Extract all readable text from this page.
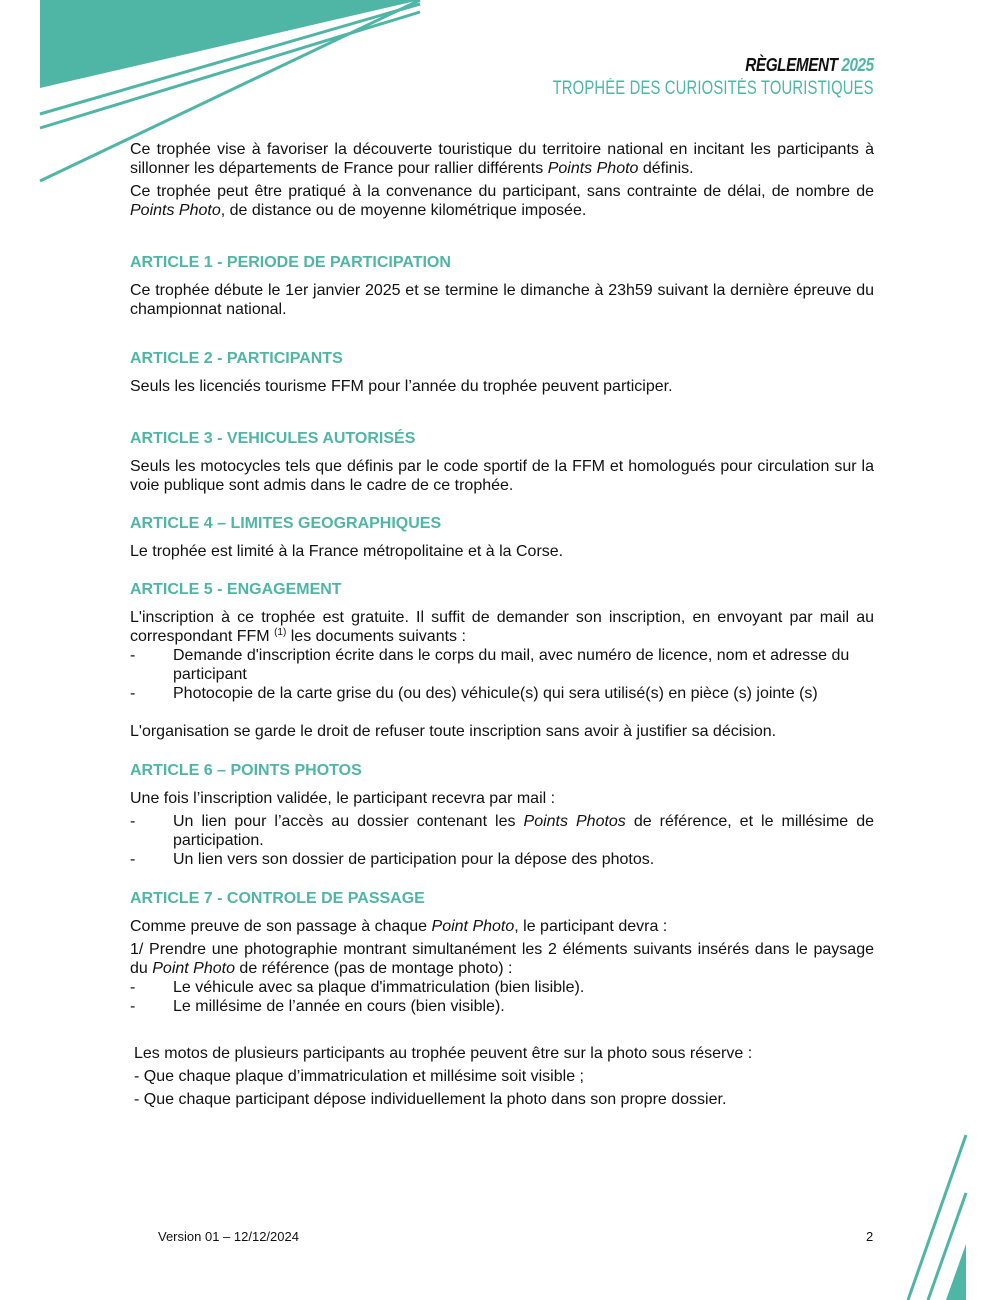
RÈGLEMENT 2025
TROPHÉE DES CURIOSITÉS TOURISTIQUES

Ce trophée vise à favoriser la découverte touristique du territoire national en incitant les participants à sillonner les départements de France pour rallier différents Points Photo définis.

Ce trophée peut être pratiqué à la convenance du participant, sans contrainte de délai, de nombre de Points Photo, de distance ou de moyenne kilométrique imposée.

ARTICLE 1 - PERIODE DE PARTICIPATION

Ce trophée débute le 1er janvier 2025 et se termine le dimanche à 23h59 suivant la dernière épreuve du championnat national.

ARTICLE 2 - PARTICIPANTS

Seuls les licenciés tourisme FFM pour l’année du trophée peuvent participer.

ARTICLE 3 - VEHICULES AUTORISÉS

Seuls les motocycles tels que définis par le code sportif de la FFM et homologués pour circulation sur la voie publique sont admis dans le cadre de ce trophée.

ARTICLE 4 – LIMITES GEOGRAPHIQUES

Le trophée est limité à la France métropolitaine et à la Corse.

ARTICLE 5 - ENGAGEMENT

L'inscription à ce trophée est gratuite. Il suffit de demander son inscription, en envoyant par mail au correspondant FFM $^{(1)}$ les documents suivants :

-	Demande d'inscription écrite dans le corps du mail, avec numéro de licence, nom et adresse du participant
-	Photocopie de la carte grise du (ou des) véhicule(s) qui sera utilisé(s) en pièce (s) jointe (s)

L'organisation se garde le droit de refuser toute inscription sans avoir à justifier sa décision.

ARTICLE 6 – POINTS PHOTOS

Une fois l’inscription validée, le participant recevra par mail :

-	Un lien pour l’accès au dossier contenant les Points Photos de référence, et le millésime de participation.
-	Un lien vers son dossier de participation pour la dépose des photos.

ARTICLE 7 - CONTROLE DE PASSAGE

Comme preuve de son passage à chaque Point Photo, le participant devra :

1/ Prendre une photographie montrant simultanément les 2 éléments suivants insérés dans le paysage du Point Photo de référence (pas de montage photo) :

-	Le véhicule avec sa plaque d'immatriculation (bien lisible).
-	Le millésime de l’année en cours (bien visible).

Les motos de plusieurs participants au trophée peuvent être sur la photo sous réserve :

- Que chaque plaque d’immatriculation et millésime soit visible ;

- Que chaque participant dépose individuellement la photo dans son propre dossier.

Version 01 – 12/12/2024	2
